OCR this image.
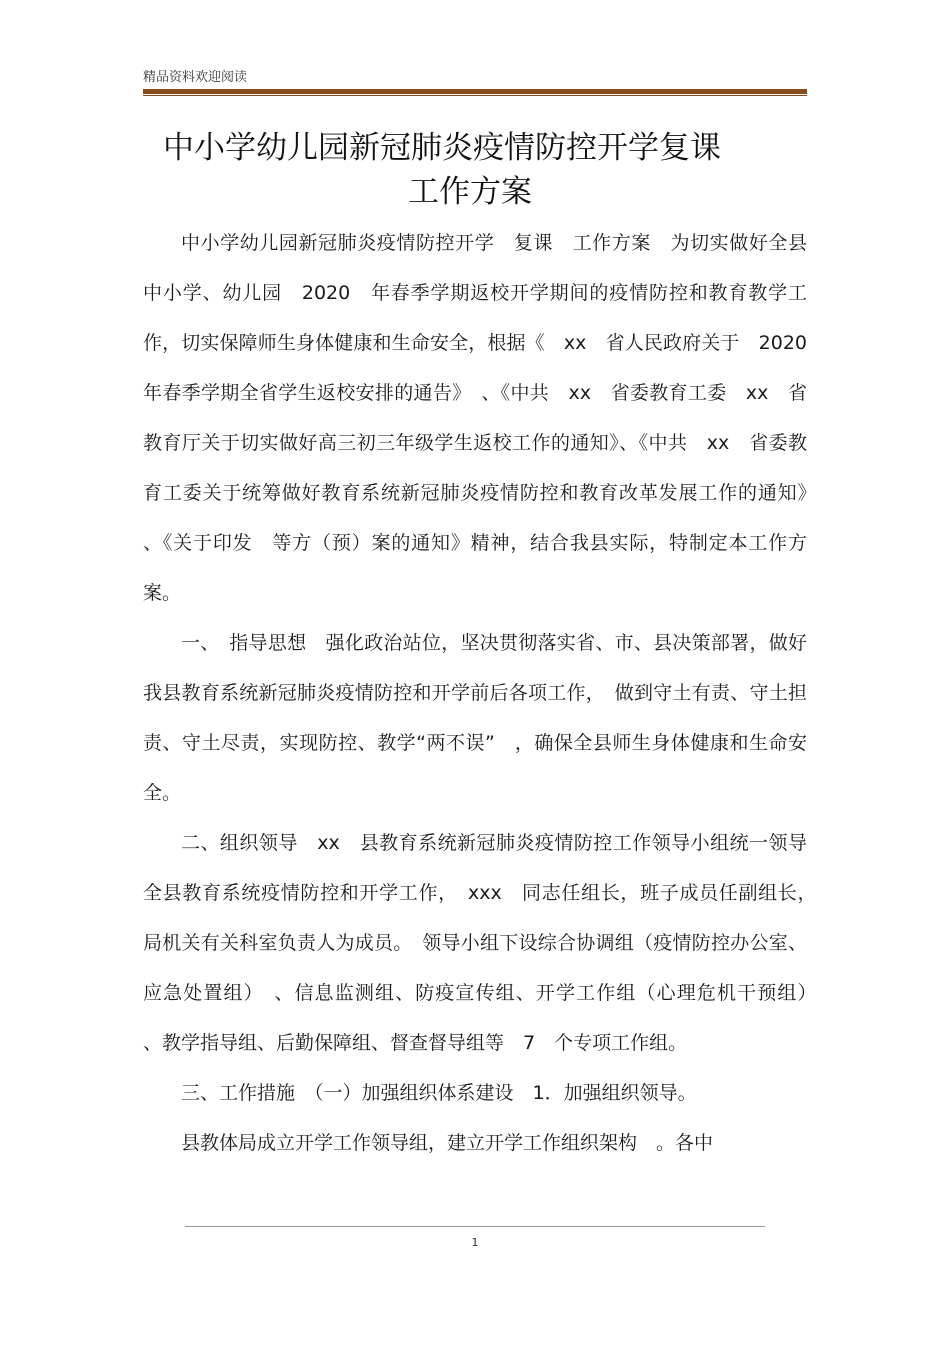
精品资料欢迎阅读
中小学幼儿园新冠肺炎疫情防控开学复课
工作方案

中小学幼儿园新冠肺炎疫情防控开学　复课　工作方案　为切实做好全县中小学、幼儿园　2020　年春季学期返校开学期间的疫情防控和教育教学工作，切实保障师生身体健康和生命安全，根据《　xx　省人民政府关于　2020　年春季学期全省学生返校安排的通告》　、《中共　xx　省委教育工委　xx　省教育厅关于切实做好高三初三年级学生返校工作的通知》、《中共　xx　省委教育工委关于统筹做好教育系统新冠肺炎疫情防控和教育改革发展工作的通知》　、《关于印发　等方（预）案的通知》精神，结合我县实际，特制定本工作方案。

一、　指导思想　强化政治站位，坚决贯彻落实省、市、县决策部署，做好我县教育系统新冠肺炎疫情防控和开学前后各项工作，　做到守土有责、守土担责、守土尽责，实现防控、教学“两不误”　，确保全县师生身体健康和生命安全。

二、组织领导　xx　县教育系统新冠肺炎疫情防控工作领导小组统一领导全县教育系统疫情防控和开学工作，　xxx　同志任组长，班子成员任副组长，　局机关有关科室负责人为成员。　领导小组下设综合协调组（疫情防控办公室、应急处置组）　、信息监测组、防疫宣传组、开学工作组（心理危机干预组）　、教学指导组、后勤保障组、督查督导组等　7　个专项工作组。

三、工作措施　（一）加强组织体系建设　1．加强组织领导。

县教体局成立开学工作领导组，建立开学工作组织架构　。各中

1
